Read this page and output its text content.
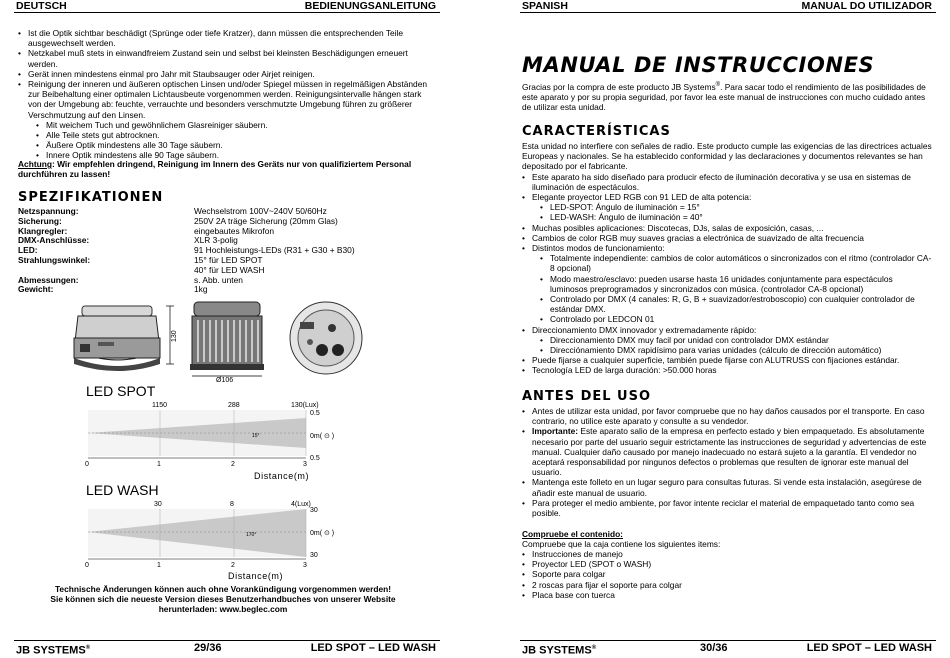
DEUTSCH	BEDIENUNGSANLEITUNG
• Ist die Optik sichtbar beschädigt (Sprünge oder tiefe Kratzer), dann müssen die entsprechenden Teile ausgewechselt werden.
• Netzkabel muß stets in einwandfreiem Zustand sein und selbst bei kleinsten Beschädigungen erneuert werden.
• Gerät innen mindestens einmal pro Jahr mit Staubsauger oder Airjet reinigen.
• Reinigung der inneren und äußeren optischen Linsen und/oder Spiegel müssen in regelmäßigen Abständen zur Beibehaltung einer optimalen Lichtausbeute vorgenommen werden. Reinigungsintervalle hängen stark von der Umgebung ab: feuchte, verrauchte und besonders verschmutzte Umgebung führen zu größerer Verschmutzung auf den Linsen.
• Mit weichem Tuch und gewöhnlichem Glasreiniger säubern.
• Alle Teile stets gut abtrocknen.
• Äußere Optik mindestens alle 30 Tage säubern.
• Innere Optik mindestens alle 90 Tage säubern.
Achtung: Wir empfehlen dringend, Reinigung im Innern des Geräts nur von qualifiziertem Personal durchführen zu lassen!
SPEZIFIKATIONEN
Netzspannung:	Wechselstrom 100V~240V 50/60Hz
Sicherung:	250V 2A träge Sicherung (20mm Glas)
Klangregler:	eingebautes Mikrofon
DMX-Anschlüsse:	XLR 3-polig
LED:	91 Hochleistungs-LEDs (R31 + G30 + B30)
Strahlungswinkel:	15° für LED SPOT
40° für LED WASH
Abmessungen:	s. Abb. unten
Gewicht:	1kg
130
Ø106
LED SPOT
1150	288	130(Lux)
0.5
0m( ⊙ )
0.5
15°
0	1	2	3
Distance(m)
LED WASH
30	8	4(Lux)
30
0m( ⊙ )
30
170°
0	1	2	3
Distance(m)
Technische Änderungen können auch ohne Vorankündigung vorgenommen werden!
Sie können sich die neueste Version dieses Benutzerhandbuches von unserer Website
herunterladen: www.beglec.com
JB SYSTEMS®	29/36	LED SPOT – LED WASH
SPANISH	MANUAL DO UTILIZADOR
MANUAL DE INSTRUCCIONES
Gracias por la compra de este producto JB Systems®. Para sacar todo el rendimiento de las posibilidades de este aparato y por su propia seguridad, por favor lea este manual de instrucciones con mucho cuidado antes de utilizar esta unidad.
CARACTERÍSTICAS
Esta unidad no interfiere con señales de radio. Este producto cumple las exigencias de las directrices actuales Europeas y nacionales. Se ha establecido conformidad y las declaraciones y documentos relevantes se han depositado por el fabricante.
• Este aparato ha sido diseñado para producir efecto de iluminación decorativa y se usa en sistemas de iluminación de espectáculos.
• Elegante proyector LED RGB con 91 LED de alta potencia:
• LED-SPOT: Ángulo de iluminación = 15°
• LED-WASH: Ángulo de iluminación = 40°
• Muchas posibles aplicaciones: Discotecas, DJs, salas de exposición, casas, ...
• Cambios de color RGB muy suaves gracias a electrónica de suavizado de alta frecuencia
• Distintos modos de funcionamiento:
• Totalmente independiente: cambios de color automáticos o sincronizados con el ritmo (controlador CA-8 opcional)
• Modo maestro/esclavo: pueden usarse hasta 16 unidades conjuntamente para espectáculos luminosos preprogramados y sincronizados con música. (controlador CA-8 opcional)
• Controlado por DMX (4 canales: R, G, B + suavizador/estroboscopio) con cualquier controlador de estándar DMX.
• Controlado por LEDCON 01
• Direccionamiento DMX innovador y extremadamente rápido:
• Direccionamiento DMX muy facil por unidad con controlador DMX estándar
• Direcciónamiento DMX rapidísimo para varias unidades (cálculo de dirección automático)
• Puede fijarse a cualquier superficie, también puede fijarse con ALUTRUSS con fijaciones estándar.
• Tecnología LED de larga duración: >50.000 horas
ANTES DEL USO
• Antes de utilizar esta unidad, por favor compruebe que no hay daños causados por el transporte. En caso contrario, no utilice este aparato y consulte a su vendedor.
• Importante: Este aparato salio de la empresa en perfecto estado y bien empaquetado. Es absolutamente necesario por parte del usuario seguir estrictamente las instrucciones de seguridad y advertencias de este manual. Cualquier daño causado por manejo inadecuado no estará sujeto a la garantía. El vendedor no aceptará responsabilidad por ningunos defectos o problemas que resulten de ignorar este manual del usuario.
• Mantenga este folleto en un lugar seguro para consultas futuras. Si vende esta instalación, asegúrese de añadir este manual de usuario.
• Para proteger el medio ambiente, por favor intente reciclar el material de empaquetado tanto como sea posible.
Compruebe el contenido:
Compruebe que la caja contiene los siguientes items:
• Instrucciones de manejo
• Proyector LED (SPOT o WASH)
• Soporte para colgar
• 2 roscas para fijar el soporte para colgar
• Placa base con tuerca
JB SYSTEMS®	30/36	LED SPOT – LED WASH
